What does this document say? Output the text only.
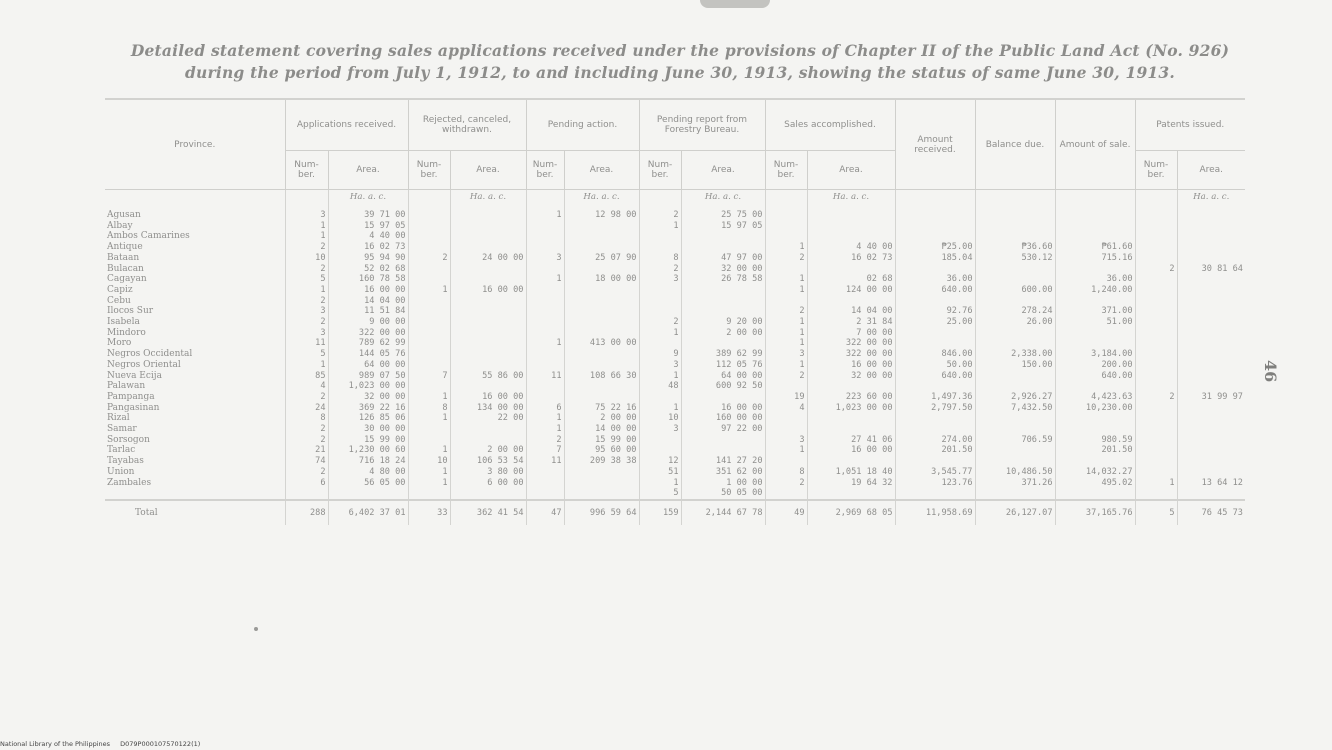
Detailed statement covering sales applications received under the provisions of Chapter II of the Public Land Act (No. 926)
during the period from July 1, 1912, to and including June 30, 1913, showing the status of same June 30, 1913.
Province.	Applications received.		Rejected, canceled, withdrawn.		Pending action.		Pending report from Forestry Bureau.		Sales accomplished.		Amount received.	Balance due.	Amount of sale.	Patents issued.	
	Num-ber.	Area.	Num-ber.	Area.	Num-ber.	Area.	Num-ber.	Area.	Num-ber.	Area.				Num-ber.	Area.
		Ha. a. c.		Ha. a. c.		Ha. a. c.		Ha. a. c.		Ha. a. c.					Ha. a. c.

Agusan	3	39 71 00			1	12 98 00	2	25 75 00							
Albay	1	15 97 05					1	15 97 05							
Ambos Camarines	1	4 40 00													
Antique	2	16 02 73							1	4 40 00	₱25.00	₱36.60	₱61.60		
Bataan	10	95 94 90	2	24 00 00	3	25 07 90	8	47 97 00	2	16 02 73	185.04	530.12	715.16		
Bulacan	2	52 02 68					2	32 00 00						2	30 81 64
Cagayan	5	160 78 58			1	18 00 00	3	26 78 58	1	02 68	36.00		36.00		
Capiz	1	16 00 00	1	16 00 00					1	124 00 00	640.00	600.00	1,240.00		
Cebu	2	14 04 00													
Ilocos Sur	3	11 51 84							2	14 04 00	92.76	278.24	371.00		
Isabela	2	9 00 00					2	9 20 00	1	2 31 84	25.00	26.00	51.00		
Mindoro	3	322 00 00					1	2 00 00	1	7 00 00					
Moro	11	789 62 99			1	413 00 00			1	322 00 00					
Negros Occidental	5	144 05 76					9	389 62 99	3	322 00 00	846.00	2,338.00	3,184.00		
Negros Oriental	1	64 00 00					3	112 05 76	1	16 00 00	50.00	150.00	200.00		
Nueva Ecija	85	989 07 50	7	55 86 00	11	108 66 30	1	64 00 00	2	32 00 00	640.00		640.00		
Palawan	4	1,023 00 00					48	600 92 50							
Pampanga	2	32 00 00	1	16 00 00					19	223 60 00	1,497.36	2,926.27	4,423.63	2	31 99 97
Pangasinan	24	369 22 16	8	134 00 00	6	75 22 16	1	16 00 00	4	1,023 00 00	2,797.50	7,432.50	10,230.00		
Rizal	8	126 85 06	1	22 00	1	2 00 00	10	160 00 00							
Samar	2	30 00 00			1	14 00 00	3	97 22 00							
Sorsogon	2	15 99 00			2	15 99 00			3	27 41 06	274.00	706.59	980.59		
Tarlac	21	1,230 00 60	1	2 00 00	7	95 60 00			1	16 00 00	201.50		201.50		
Tayabas	74	716 18 24	10	106 53 54	11	209 38 38	12	141 27 20							
Union	2	4 80 00	1	3 80 00			51	351 62 00	8	1,051 18 40	3,545.77	10,486.50	14,032.27		
Zambales	6	56 05 00	1	6 00 00			1	1 00 00	2	19 64 32	123.76	371.26	495.02	1	13 64 12
							5	50 05 00							
Total	288	6,402 37 01	33	362 41 54	47	996 59 64	159	2,144 67 78	49	2,969 68 05	11,958.69	26,127.07	37,165.76	5	76 45 73
46
National Library of the Philippines D079P000107570122(1)
